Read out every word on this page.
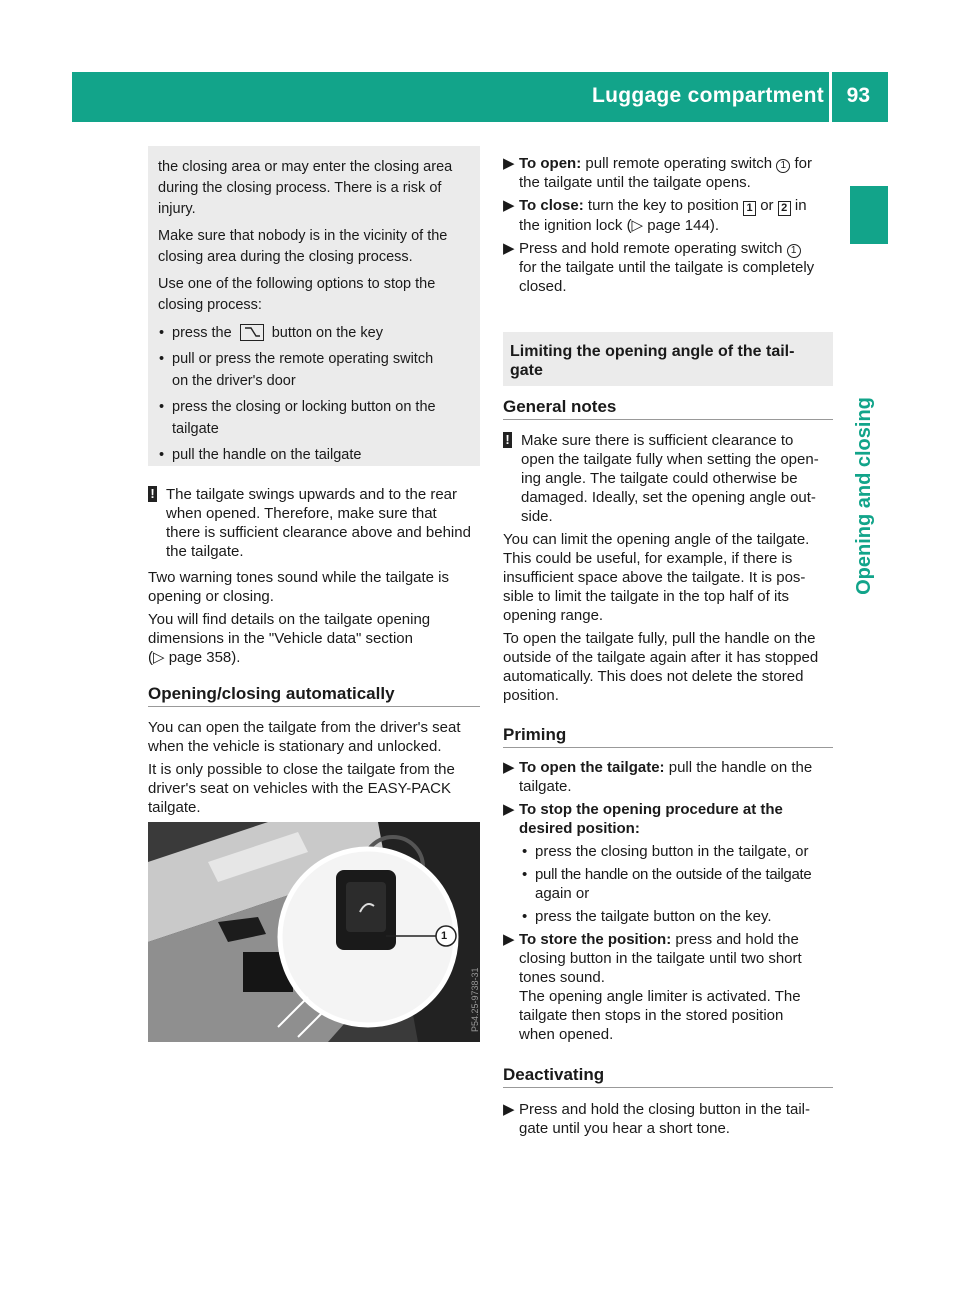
Luggage compartment 93
Opening and closing

the closing area or may enter the closing area

during the closing process. There is a risk of

injury.

Make sure that nobody is in the vicinity of the

closing area during the closing process.

Use one of the following options to stop the

closing process:

• press the	button on the key
• pull or press the remote operating switch

on the driver's door

• press the closing or locking button on the

tailgate

• pull the handle on the tailgate

! The tailgate swings upwards and to the rear

when opened. Therefore, make sure that

there is sufficient clearance above and behind

the tailgate.

Two warning tones sound while the tailgate is

opening or closing.

You will find details on the tailgate opening

dimensions in the "Vehicle data" section

(▷ page 358).

Opening/closing automatically

You can open the tailgate from the driver's seat

when the vehicle is stationary and unlocked.

It is only possible to close the tailgate from the

driver's seat on vehicles with the EASY-PACK

tailgate.

1
P54.25-9738-31
▶ To open: pull remote operating switch 1 for

the tailgate until the tailgate opens.

▶ To close: turn the key to position 1 or 2 in

the ignition lock (▷ page 144).

▶ Press and hold remote operating switch 1

for the tailgate until the tailgate is completely

closed.

Limiting the opening angle of the tail-

gate

General notes
! Make sure there is sufficient clearance to

open the tailgate fully when setting the open-

ing angle. The tailgate could otherwise be

damaged. Ideally, set the opening angle out-

side.

You can limit the opening angle of the tailgate.

This could be useful, for example, if there is

insufficient space above the tailgate. It is pos-

sible to limit the tailgate in the top half of its

opening range.

To open the tailgate fully, pull the handle on the

outside of the tailgate again after it has stopped

automatically. This does not delete the stored

position.

Priming
▶ To open the tailgate: pull the handle on the

tailgate.

▶ To stop the opening procedure at the

desired position:

• press the closing button in the tailgate, or

• pull the handle on the outside of the tailgate

again or

• press the tailgate button on the key.

▶ To store the position: press and hold the

closing button in the tailgate until two short

tones sound.

The opening angle limiter is activated. The

tailgate then stops in the stored position

when opened.

Deactivating
▶ Press and hold the closing button in the tail-

gate until you hear a short tone.
